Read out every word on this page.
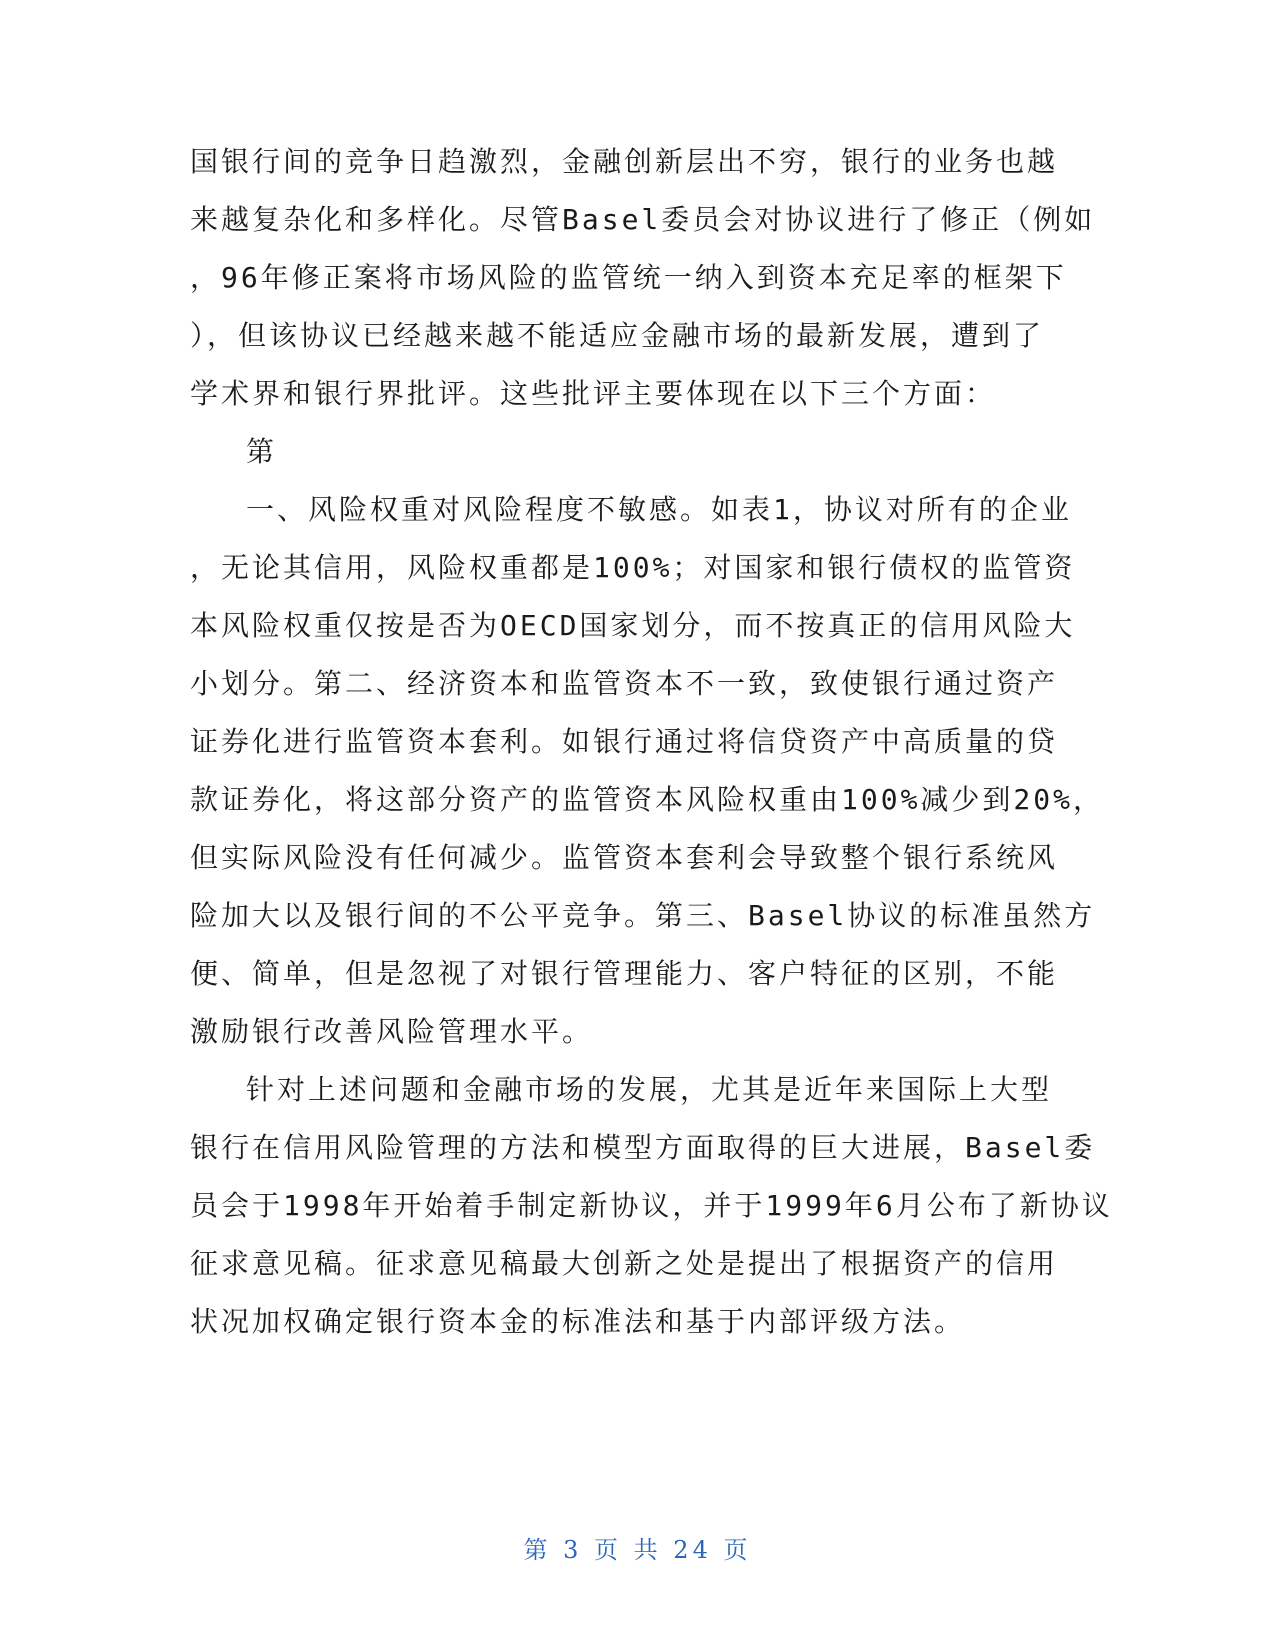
国银行间的竞争日趋激烈，金融创新层出不穷，银行的业务也越
来越复杂化和多样化。尽管Basel委员会对协议进行了修正（例如
，96年修正案将市场风险的监管统一纳入到资本充足率的框架下
），但该协议已经越来越不能适应金融市场的最新发展，遭到了
学术界和银行界批评。这些批评主要体现在以下三个方面：
第
一、风险权重对风险程度不敏感。如表1，协议对所有的企业
，无论其信用，风险权重都是100%；对国家和银行债权的监管资
本风险权重仅按是否为OECD国家划分，而不按真正的信用风险大
小划分。第二、经济资本和监管资本不一致，致使银行通过资产
证券化进行监管资本套利。如银行通过将信贷资产中高质量的贷
款证券化，将这部分资产的监管资本风险权重由100%减少到20%，
但实际风险没有任何减少。监管资本套利会导致整个银行系统风
险加大以及银行间的不公平竞争。第三、Basel协议的标准虽然方
便、简单，但是忽视了对银行管理能力、客户特征的区别，不能
激励银行改善风险管理水平。
针对上述问题和金融市场的发展，尤其是近年来国际上大型
银行在信用风险管理的方法和模型方面取得的巨大进展，Basel委
员会于1998年开始着手制定新协议，并于1999年6月公布了新协议
征求意见稿。征求意见稿最大创新之处是提出了根据资产的信用
状况加权确定银行资本金的标准法和基于内部评级方法。
第 3 页 共 24 页
